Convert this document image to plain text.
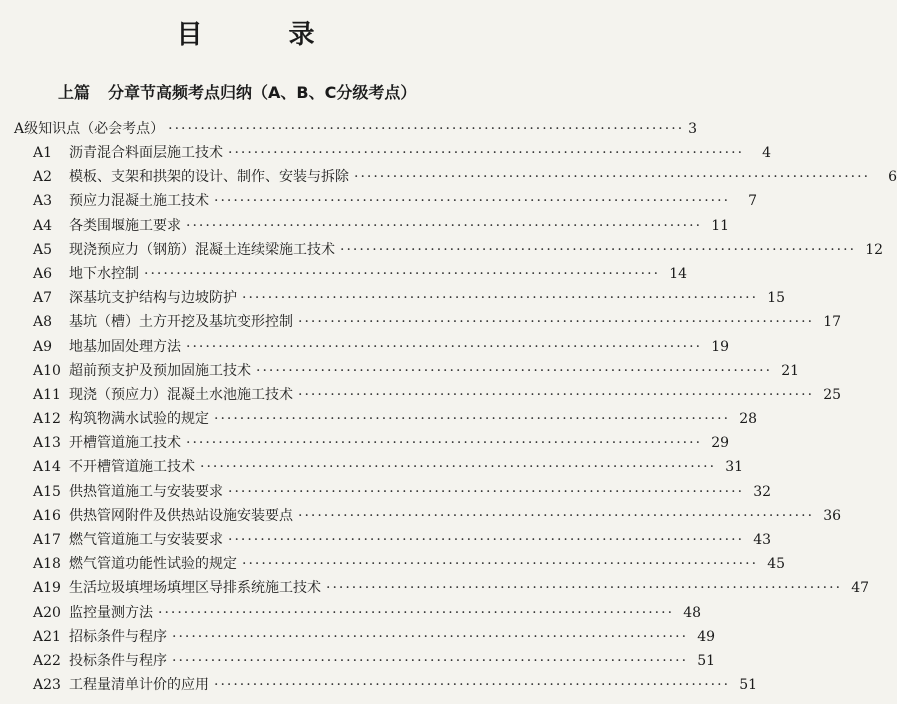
目　录
上篇 分章节高频考点归纳（A、B、C分级考点）
A级知识点（必会考点） ················································································ 3
A1	沥青混合料面层施工技术 ················································································	4
A2	模板、支架和拱架的设计、制作、安装与拆除 ················································································	6
A3	预应力混凝土施工技术 ················································································	7
A4	各类围堰施工要求 ················································································ 11
A5	现浇预应力（钢筋）混凝土连续梁施工技术 ················································································ 12
A6	地下水控制 ················································································ 14
A7	深基坑支护结构与边坡防护 ················································································ 15
A8	基坑（槽）土方开挖及基坑变形控制 ················································································ 17
A9	地基加固处理方法 ················································································ 19
A10 超前预支护及预加固施工技术 ················································································ 21
A11 现浇（预应力）混凝土水池施工技术 ················································································ 25
A12 构筑物满水试验的规定 ················································································ 28
A13 开槽管道施工技术 ················································································ 29
A14 不开槽管道施工技术 ················································································ 31
A15 供热管道施工与安装要求 ················································································ 32
A16 供热管网附件及供热站设施安装要点 ················································································ 36
A17 燃气管道施工与安装要求 ················································································ 43
A18 燃气管道功能性试验的规定 ················································································ 45
A19 生活垃圾填埋场填埋区导排系统施工技术 ················································································ 47
A20 监控量测方法 ················································································ 48
A21 招标条件与程序 ················································································ 49
A22 投标条件与程序 ················································································ 51
A23 工程量清单计价的应用 ················································································ 51
